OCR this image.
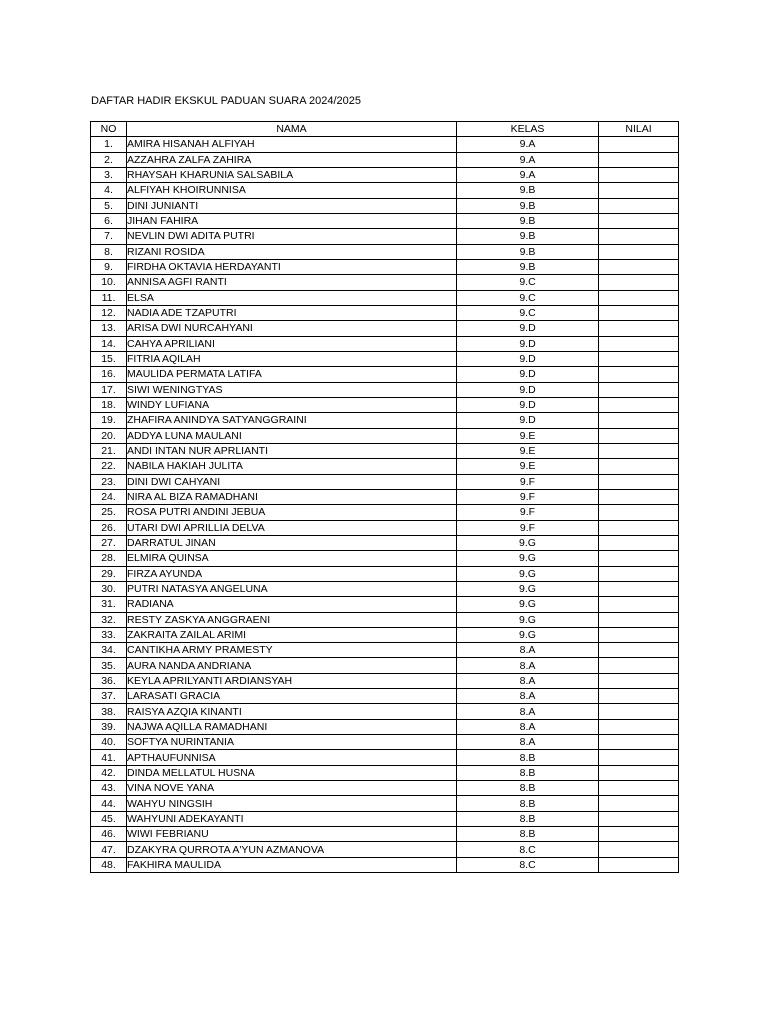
DAFTAR HADIR EKSKUL PADUAN SUARA 2024/2025
NO	NAMA	KELAS	NILAI
1.	AMIRA HISANAH ALFIYAH	9.A	
2.	AZZAHRA ZALFA ZAHIRA	9.A	
3.	RHAYSAH KHARUNIA SALSABILA	9.A	
4.	ALFIYAH KHOIRUNNISA	9.B	
5.	DINI JUNIANTI	9.B	
6.	JIHAN FAHIRA	9.B	
7.	NEVLIN DWI ADITA PUTRI	9.B	
8.	RIZANI ROSIDA	9.B	
9.	FIRDHA OKTAVIA HERDAYANTI	9.B	
10.	ANNISA AGFI RANTI	9.C	
11.	ELSA	9.C	
12.	NADIA ADE TZAPUTRI	9.C	
13.	ARISA DWI NURCAHYANI	9.D	
14.	CAHYA APRILIANI	9.D	
15.	FITRIA AQILAH	9.D	
16.	MAULIDA PERMATA LATIFA	9.D	
17.	SIWI WENINGTYAS	9.D	
18.	WINDY LUFIANA	9.D	
19.	ZHAFIRA ANINDYA SATYANGGRAINI	9.D	
20.	ADDYA LUNA MAULANI	9.E	
21.	ANDI INTAN NUR APRLIANTI	9.E	
22.	NABILA HAKIAH JULITA	9.E	
23.	DINI DWI CAHYANI	9.F	
24.	NIRA AL BIZA RAMADHANI	9.F	
25.	ROSA PUTRI ANDINI JEBUA	9.F	
26.	UTARI DWI APRILLIA DELVA	9.F	
27.	DARRATUL JINAN	9.G	
28.	ELMIRA QUINSA	9.G	
29.	FIRZA AYUNDA	9.G	
30.	PUTRI NATASYA ANGELUNA	9.G	
31.	RADIANA	9.G	
32.	RESTY ZASKYA ANGGRAENI	9.G	
33.	ZAKRAITA ZAILAL ARIMI	9.G	
34.	CANTIKHA ARMY PRAMESTY	8.A	
35.	AURA NANDA ANDRIANA	8.A	
36.	KEYLA APRILYANTI ARDIANSYAH	8.A	
37.	LARASATI GRACIA	8.A	
38.	RAISYA AZQIA KINANTI	8.A	
39.	NAJWA AQILLA RAMADHANI	8.A	
40.	SOFTYA NURINTANIA	8.A	
41.	APTHAUFUNNISA	8.B	
42.	DINDA MELLATUL HUSNA	8.B	
43.	VINA NOVE YANA	8.B	
44.	WAHYU NINGSIH	8.B	
45.	WAHYUNI ADEKAYANTI	8.B	
46.	WIWI FEBRIANU	8.B	
47.	DZAKYRA QURROTA A'YUN AZMANOVA	8.C	
48.	FAKHIRA MAULIDA	8.C	
